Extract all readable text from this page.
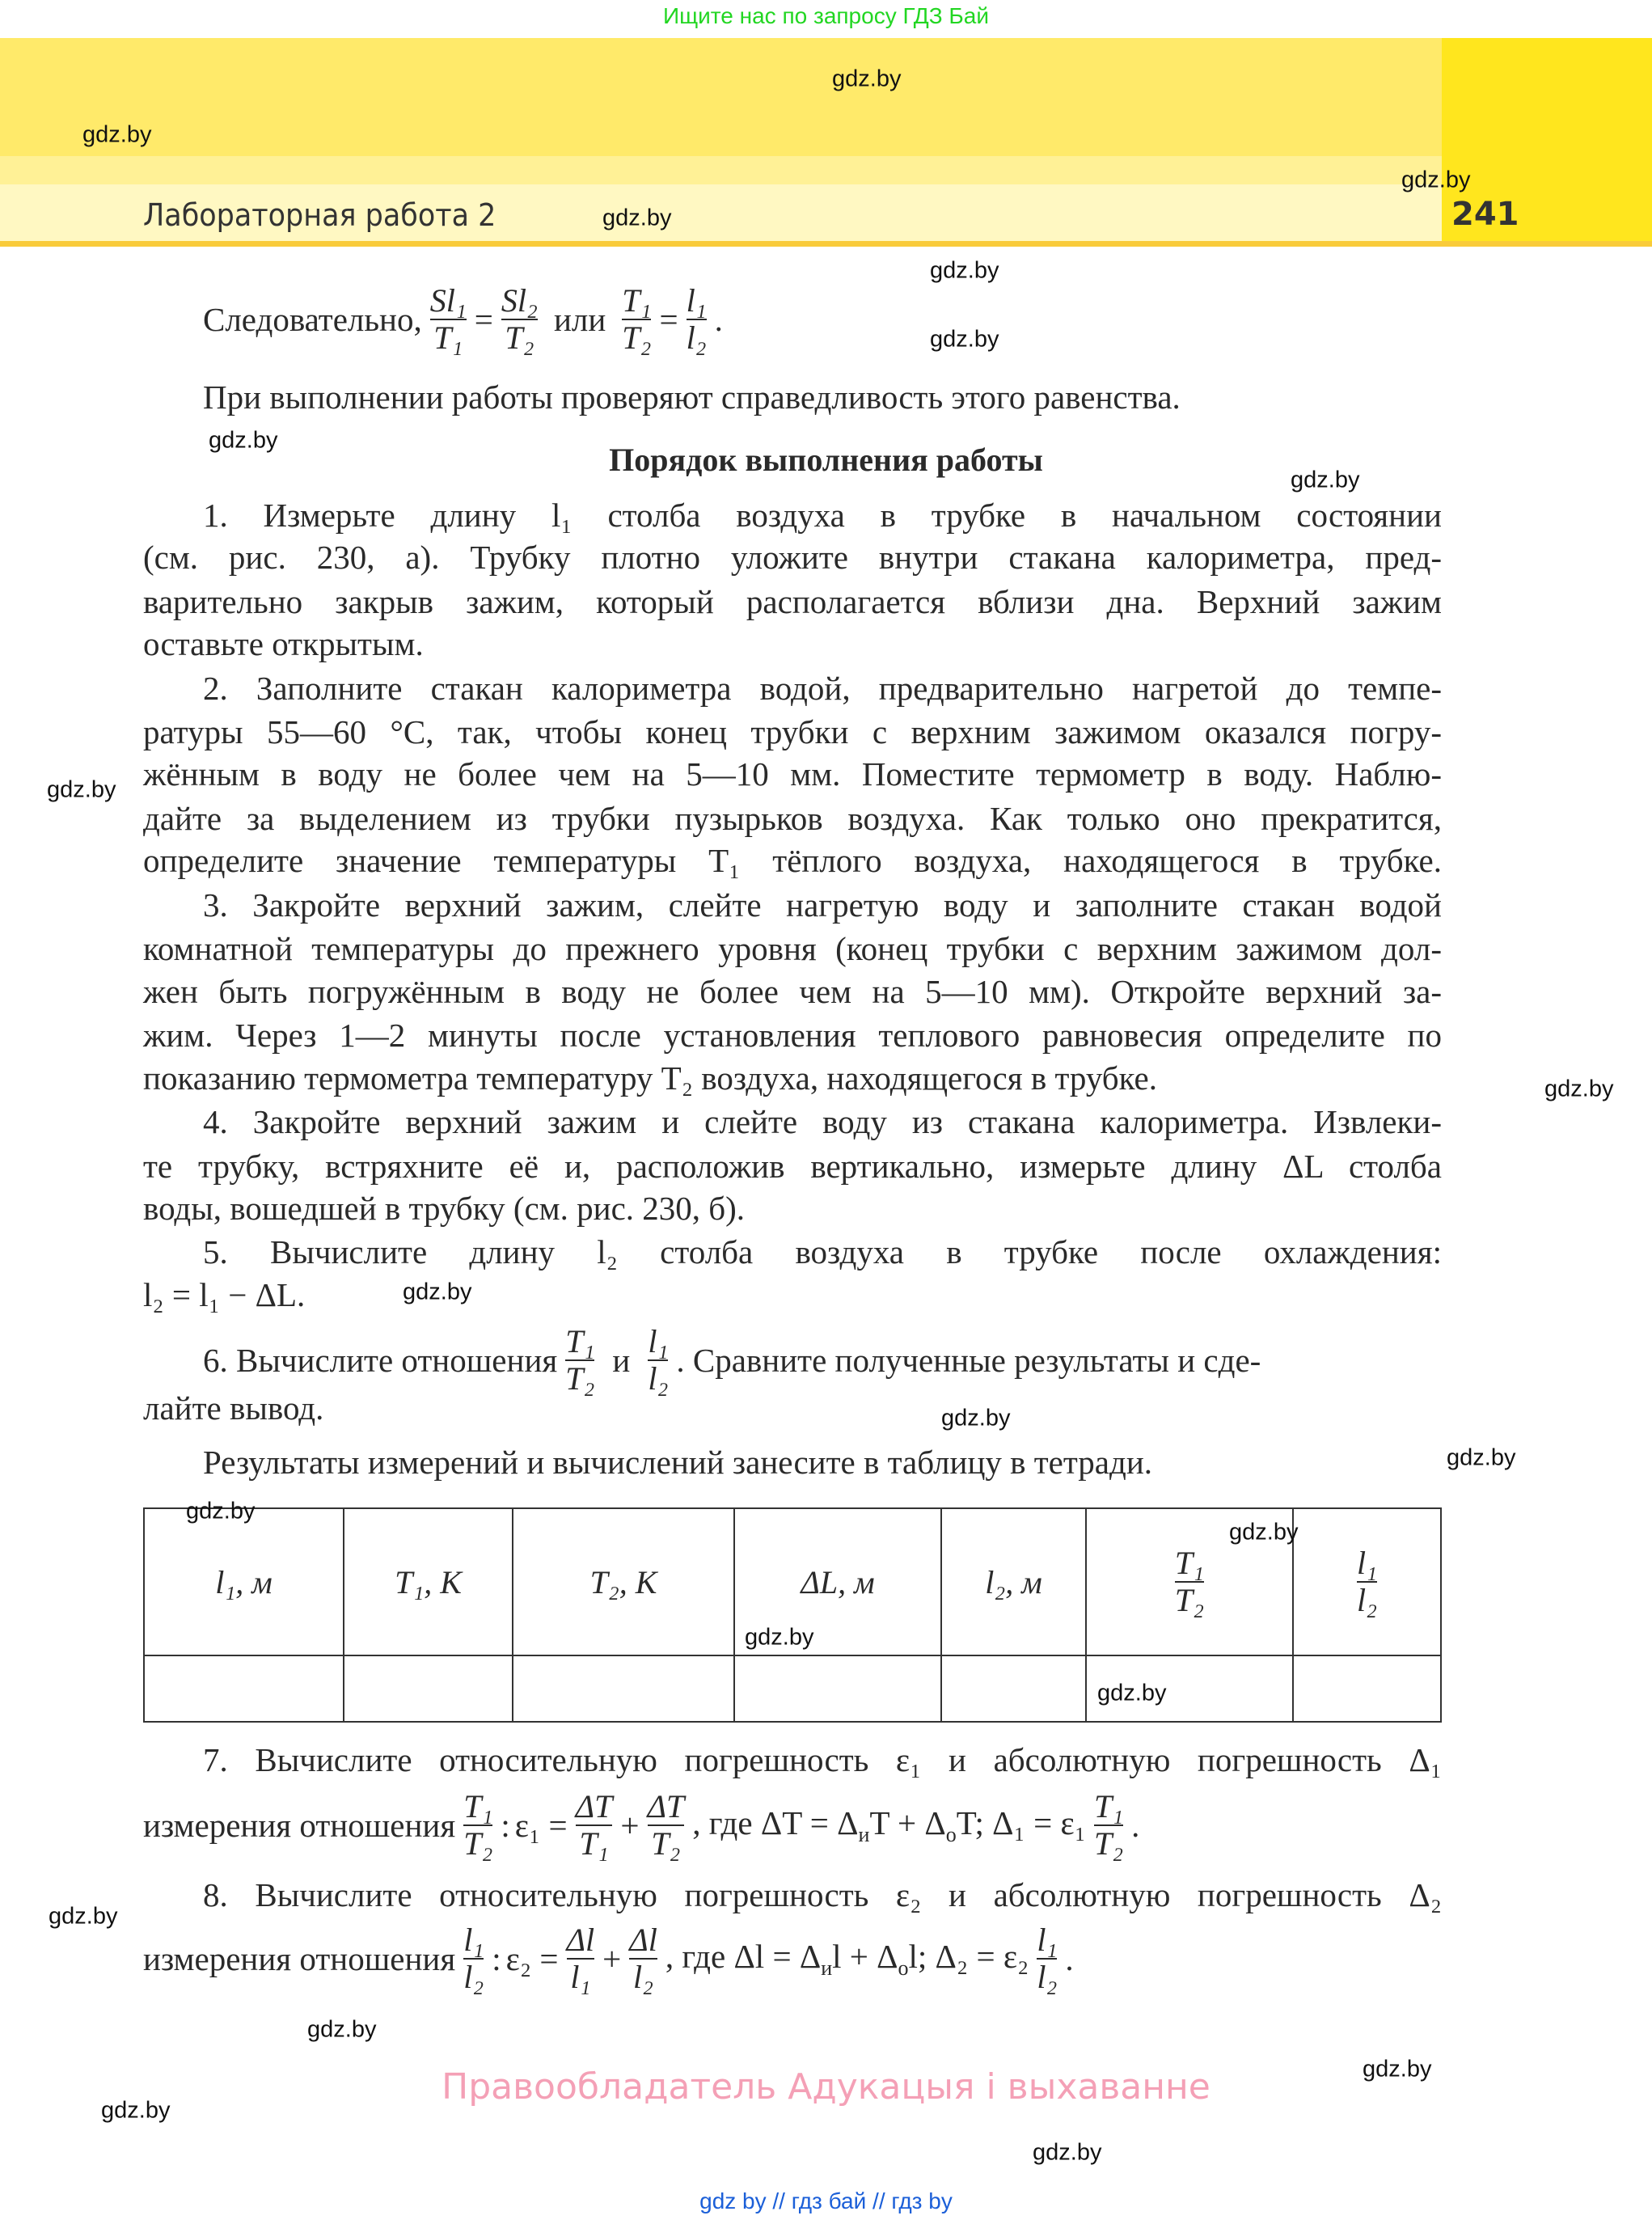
Ищите нас по запросу ГДЗ Бай
Лабораторная работа 2	241
Следовательно, $\frac{\text{Sl₁}}{\text{T₁}} = \frac{\text{Sl₂}}{\text{T₂}}$ или $\frac{\text{T₁}}{\text{T₂}} = \frac{\text{l₁}}{\text{l₂}}$ .
При выполнении работы проверяют справедливость этого равенства.
Порядок выполнения работы
1. Измерьте длину l₁ столба воздуха в трубке в начальном состоянии
(см. рис. 230, а). Трубку плотно уложите внутри стакана калориметра, пред-
варительно закрыв зажим, который располагается вблизи дна. Верхний зажим
оставьте открытым.
2. Заполните стакан калориметра водой, предварительно нагретой до темпе-
ратуры 55—60 °С, так, чтобы конец трубки с верхним зажимом оказался погру-
жённым в воду не более чем на 5—10 мм. Поместите термометр в воду. Наблю-
дайте за выделением из трубки пузырьков воздуха. Как только оно прекратится,
определите значение температуры T₁ тёплого воздуха, находящегося в трубке.
3. Закройте верхний зажим, слейте нагретую воду и заполните стакан водой
комнатной температуры до прежнего уровня (конец трубки с верхним зажимом дол-
жен быть погружённым в воду не более чем на 5—10 мм). Откройте верхний за-
жим. Через 1—2 минуты после установления теплового равновесия определите по
показанию термометра температуру T₂ воздуха, находящегося в трубке.
4. Закройте верхний зажим и слейте воду из стакана калориметра. Извлеки-
те трубку, встряхните её и, расположив вертикально, измерьте длину ΔL столба
воды, вошедшей в трубку (см. рис. 230, б).
5. Вычислите длину l₂ столба воздуха в трубке после охлаждения:
l₂ = l₁ − ΔL.
6. Вычислите отношения $\frac{\text{T₁}}{\text{T₂}}$ и $\frac{\text{l₁}}{\text{l₂}}$ . Сравните полученные результаты и сде-
лайте вывод.
Результаты измерений и вычислений занесите в таблицу в тетради.
l₁, м	T₁, К	T₂, К	ΔL, м	l₂, м	$\frac{\text{T₁}}{\text{T₂}}$	$\frac{\text{l₁}}{\text{l₂}}$

7. Вычислите относительную погрешность ε₁ и абсолютную погрешность Δ₁
измерения отношения $\frac{\text{T₁}}{\text{T₂}}$ : $\varepsilon_1 = \frac{\Delta T}{\text{T₁}} + \frac{\Delta T}{\text{T₂}}$ , где $\Delta T = \Delta_иT + \Delta_оT$; $\Delta_1 = \varepsilon_1 \frac{\text{T₁}}{\text{T₂}}$ .
8. Вычислите относительную погрешность ε₂ и абсолютную погрешность Δ₂
измерения отношения $\frac{\text{l₁}}{\text{l₂}}$ : $\varepsilon_2 = \frac{\Delta l}{\text{l₁}} + \frac{\Delta l}{\text{l₂}}$ , где $\Delta l = \Delta_иl + \Delta_оl$; $\Delta_2 = \varepsilon_2 \frac{\text{l₁}}{\text{l₂}}$ .
Правообладатель Адукацыя і выхаванне
gdz by // гдз бай // гдз by
gdz.by
gdz.by
gdz.by
gdz.by
gdz.by
gdz.by
gdz.by
gdz.by
gdz.by
gdz.by
gdz.by
gdz.by
gdz.by
gdz.by
gdz.by
gdz.by
gdz.by
gdz.by
gdz.by
gdz.by
gdz.by
gdz.by
